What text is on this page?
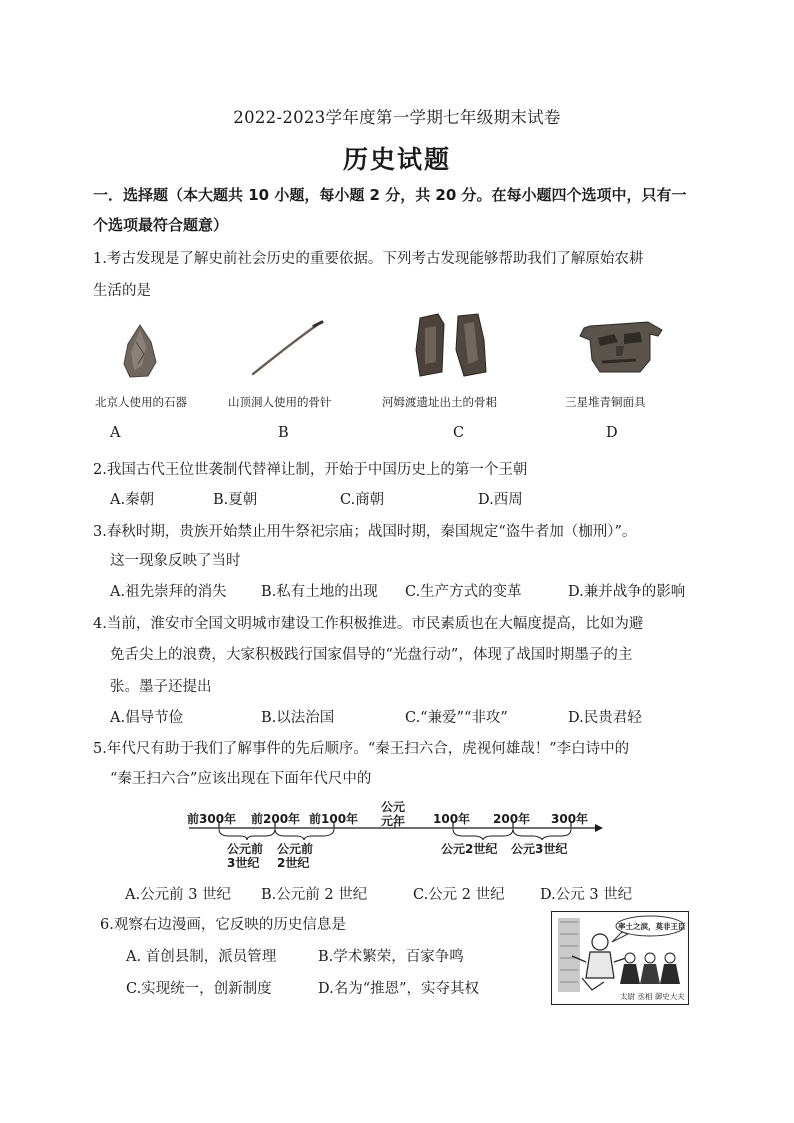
2022-2023学年度第一学期七年级期末试卷
历史试题
一．选择题（本大题共 10 小题，每小题 2 分，共 20 分。在每小题四个选项中，只有一
个选项最符合题意）
1.考古发现是了解史前社会历史的重要依据。下列考古发现能够帮助我们了解原始农耕
生活的是
北京人使用的石器	山顶洞人使用的骨针	河姆渡遗址出土的骨耜	三星堆青铜面具
A	B	C	D
2.我国古代王位世袭制代替禅让制，开始于中国历史上的第一个王朝
A.秦朝	B.夏朝	C.商朝	D.西周
3.春秋时期，贵族开始禁止用牛祭祀宗庙；战国时期，秦国规定“盗牛者加（枷刑）”。
这一现象反映了当时
A.祖先崇拜的消失 B.私有土地的出现 C.生产方式的变革	D.兼并战争的影响
4.当前，淮安市全国文明城市建设工作积极推进。市民素质也在大幅度提高，比如为避
免舌尖上的浪费，大家积极践行国家倡导的“光盘行动”，体现了战国时期墨子的主
张。墨子还提出
A.倡导节俭	B.以法治国	C.“兼爱”“非攻”	D.民贵君轻
5.年代尺有助于我们了解事件的先后顺序。“秦王扫六合，虎视何雄哉！”李白诗中的
“秦王扫六合”应该出现在下面年代尺中的
前300年 前200年 前100年
公元
元年 100年 200年 300年
公元前
3世纪
公元前
2世纪
公元2世纪 公元3世纪
A.公元前 3 世纪 B.公元前 2 世纪	C.公元 2 世纪 D.公元 3 世纪
6.观察右边漫画，它反映的历史信息是
A. 首创县制，派员管理	B.学术繁荣，百家争鸣
C.实现统一，创新制度	D.名为“推恩”，实夺其权
率土之滨，莫非王臣
太尉 丞相 御史大夫
